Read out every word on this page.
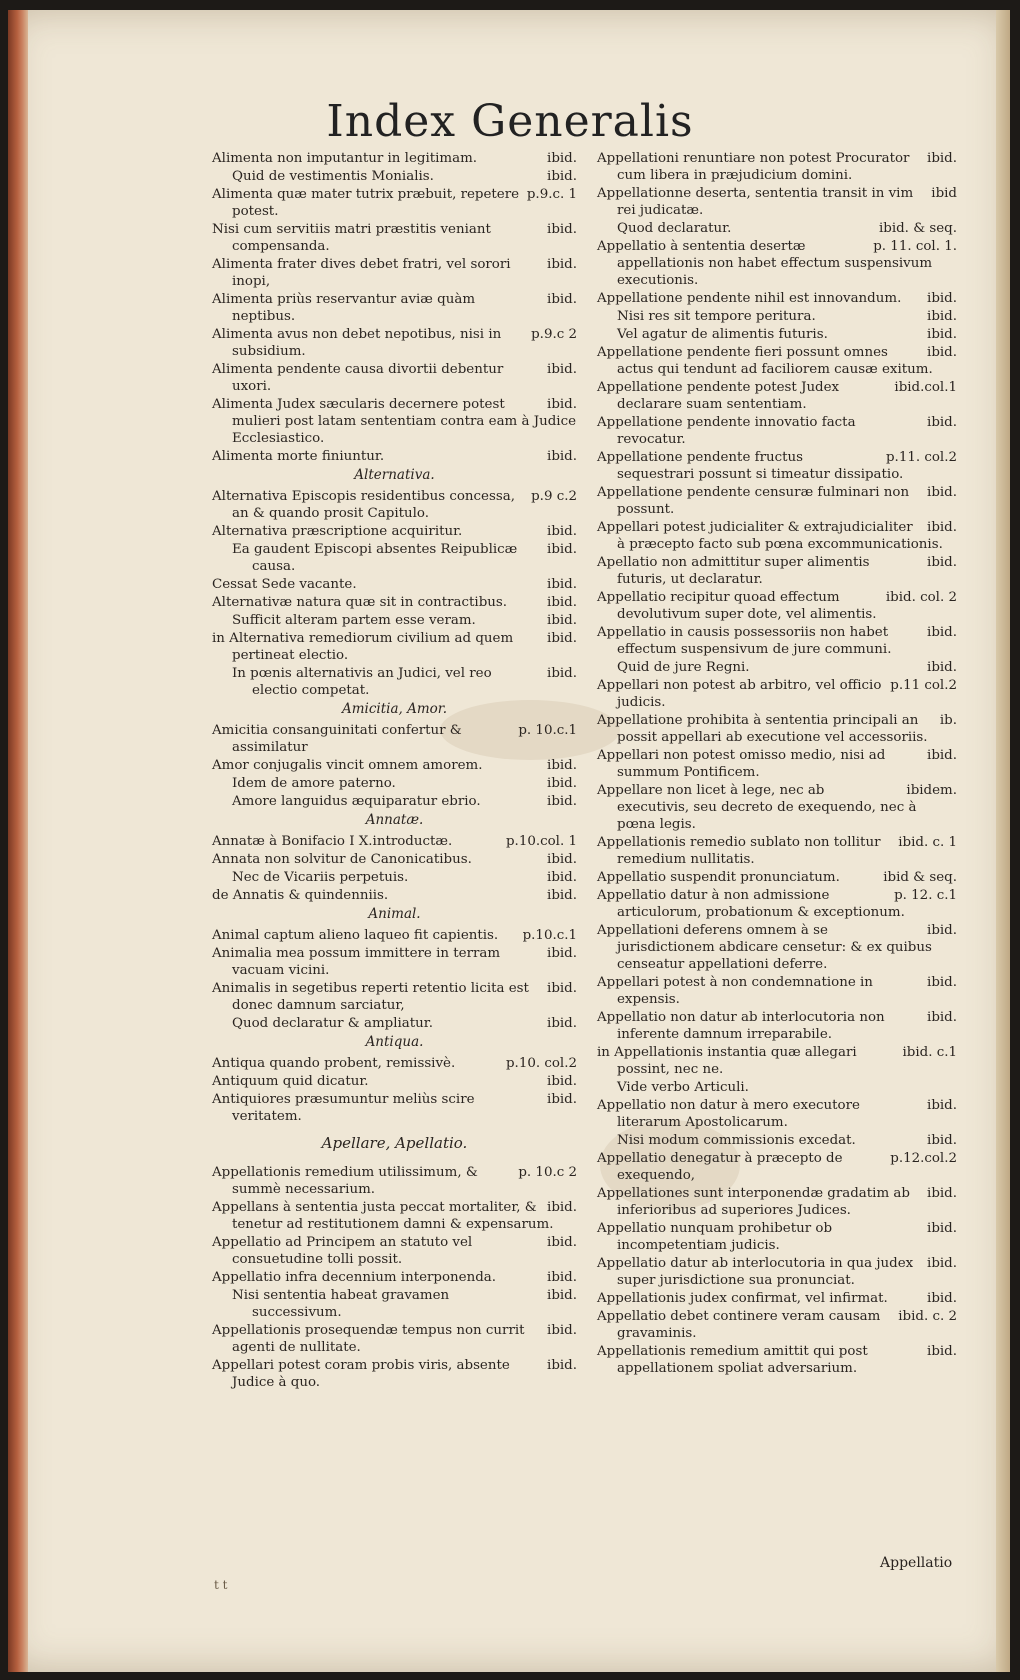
Index Generalis
ibid.
Alimenta non imputantur in legitimam.
ibid.
Quid de vestimentis Monialis.
p.9.c. 1
Alimenta quæ mater tutrix præbuit, repetere potest.
ibid.
Nisi cum servitiis matri præstitis veniant compensanda.
ibid.
Alimenta frater dives debet fratri, vel sorori inopi,
ibid.
Alimenta priùs reservantur aviæ quàm neptibus.
p.9.c 2
Alimenta avus non debet nepotibus, nisi in subsidium.
ibid.
Alimenta pendente causa divortii debentur uxori.
ibid.
Alimenta Judex sæcularis decernere potest mulieri post latam sententiam contra eam à Judice Ecclesiastico.
ibid.
Alimenta morte finiuntur.
Alternativa.
p.9 c.2
Alternativa Episcopis residentibus concessa, an & quando prosit Capitulo.
ibid.
Alternativa præscriptione acquiritur.
ibid.
Ea gaudent Episcopi absentes Reipublicæ causa.
ibid.
Cessat Sede vacante.
ibid.
Alternativæ natura quæ sit in contractibus.
ibid.
Sufficit alteram partem esse veram.
ibid.
in Alternativa remediorum civilium ad quem pertineat electio.
ibid.
In pœnis alternativis an Judici, vel reo electio competat.
Amicitia, Amor.
p. 10.c.1
Amicitia consanguinitati confertur & assimilatur
ibid.
Amor conjugalis vincit omnem amorem.
ibid.
Idem de amore paterno.
ibid.
Amore languidus æquiparatur ebrio.
Annatæ.
p.10.col. 1
Annatæ à Bonifacio I X.introductæ.
ibid.
Annata non solvitur de Canonicatibus.
ibid.
Nec de Vicariis perpetuis.
ibid.
de Annatis & quindenniis.
Animal.
p.10.c.1
Animal captum alieno laqueo fit capientis.
ibid.
Animalia mea possum immittere in terram vacuam vicini.
ibid.
Animalis in segetibus reperti retentio licita est donec damnum sarciatur,
ibid.
Quod declaratur & ampliatur.
Antiqua.
p.10. col.2
Antiqua quando probent, remissivè.
ibid.
Antiquum quid dicatur.
ibid.
Antiquiores præsumuntur meliùs scire veritatem.
Apellare, Apellatio.
p. 10.c 2
Appellationis remedium utilissimum, & summè necessarium.
ibid.
Appellans à sententia justa peccat mortaliter, & tenetur ad restitutionem damni & expensarum.
ibid.
Appellatio ad Principem an statuto vel consuetudine tolli possit.
ibid.
Appellatio infra decennium interponenda.
ibid.
Nisi sententia habeat gravamen successivum.
ibid.
Appellationis prosequendæ tempus non currit agenti de nullitate.
ibid.
Appellari potest coram probis viris, absente Judice à quo.
ibid.
Appellationi renuntiare non potest Procurator cum libera in præjudicium domini.
ibid
Appellationne deserta, sententia transit in vim rei judicatæ.
ibid. & seq.
Quod declaratur.
p. 11. col. 1.
Appellatio à sententia desertæ appellationis non habet effectum suspensivum executionis.
ibid.
Appellatione pendente nihil est innovandum.
ibid.
Nisi res sit tempore peritura.
ibid.
Vel agatur de alimentis futuris.
ibid.
Appellatione pendente fieri possunt omnes actus qui tendunt ad faciliorem causæ exitum.
ibid.col.1
Appellatione pendente potest Judex declarare suam sententiam.
ibid.
Appellatione pendente innovatio facta revocatur.
p.11. col.2
Appellatione pendente fructus sequestrari possunt si timeatur dissipatio.
ibid.
Appellatione pendente censuræ fulminari non possunt.
ibid.
Appellari potest judicialiter & extrajudicialiter à præcepto facto sub pœna excommunicationis.
ibid.
Apellatio non admittitur super alimentis futuris, ut declaratur.
ibid. col. 2
Appellatio recipitur quoad effectum devolutivum super dote, vel alimentis.
ibid.
Appellatio in causis possessoriis non habet effectum suspensivum de jure communi.
ibid.
Quid de jure Regni.
p.11 col.2
Appellari non potest ab arbitro, vel officio judicis.
ib.
Appellatione prohibita à sententia principali an possit appellari ab executione vel accessoriis.
ibid.
Appellari non potest omisso medio, nisi ad summum Pontificem.
ibidem.
Appellare non licet à lege, nec ab executivis, seu decreto de exequendo, nec à pœna legis.
ibid. c. 1
Appellationis remedio sublato non tollitur remedium nullitatis.
ibid & seq.
Appellatio suspendit pronunciatum.
p. 12. c.1
Appellatio datur à non admissione articulorum, probationum & exceptionum.
ibid.
Appellationi deferens omnem à se jurisdictionem abdicare censetur: & ex quibus censeatur appellationi deferre.
ibid.
Appellari potest à non condemnatione in expensis.
ibid.
Appellatio non datur ab interlocutoria non inferente damnum irreparabile.
ibid. c.1
in Appellationis instantia quæ allegari possint, nec ne.
Vide verbo Articuli.
ibid.
Appellatio non datur à mero executore literarum Apostolicarum.
ibid.
Nisi modum commissionis excedat.
p.12.col.2
Appellatio denegatur à præcepto de exequendo,
ibid.
Appellationes sunt interponendæ gradatim ab inferioribus ad superiores Judices.
ibid.
Appellatio nunquam prohibetur ob incompetentiam judicis.
ibid.
Appellatio datur ab interlocutoria in qua judex super jurisdictione sua pronunciat.
ibid.
Appellationis judex confirmat, vel infirmat.
ibid. c. 2
Appellatio debet continere veram causam gravaminis.
ibid.
Appellationis remedium amittit qui post appellationem spoliat adversarium.
Appellatio
t t
